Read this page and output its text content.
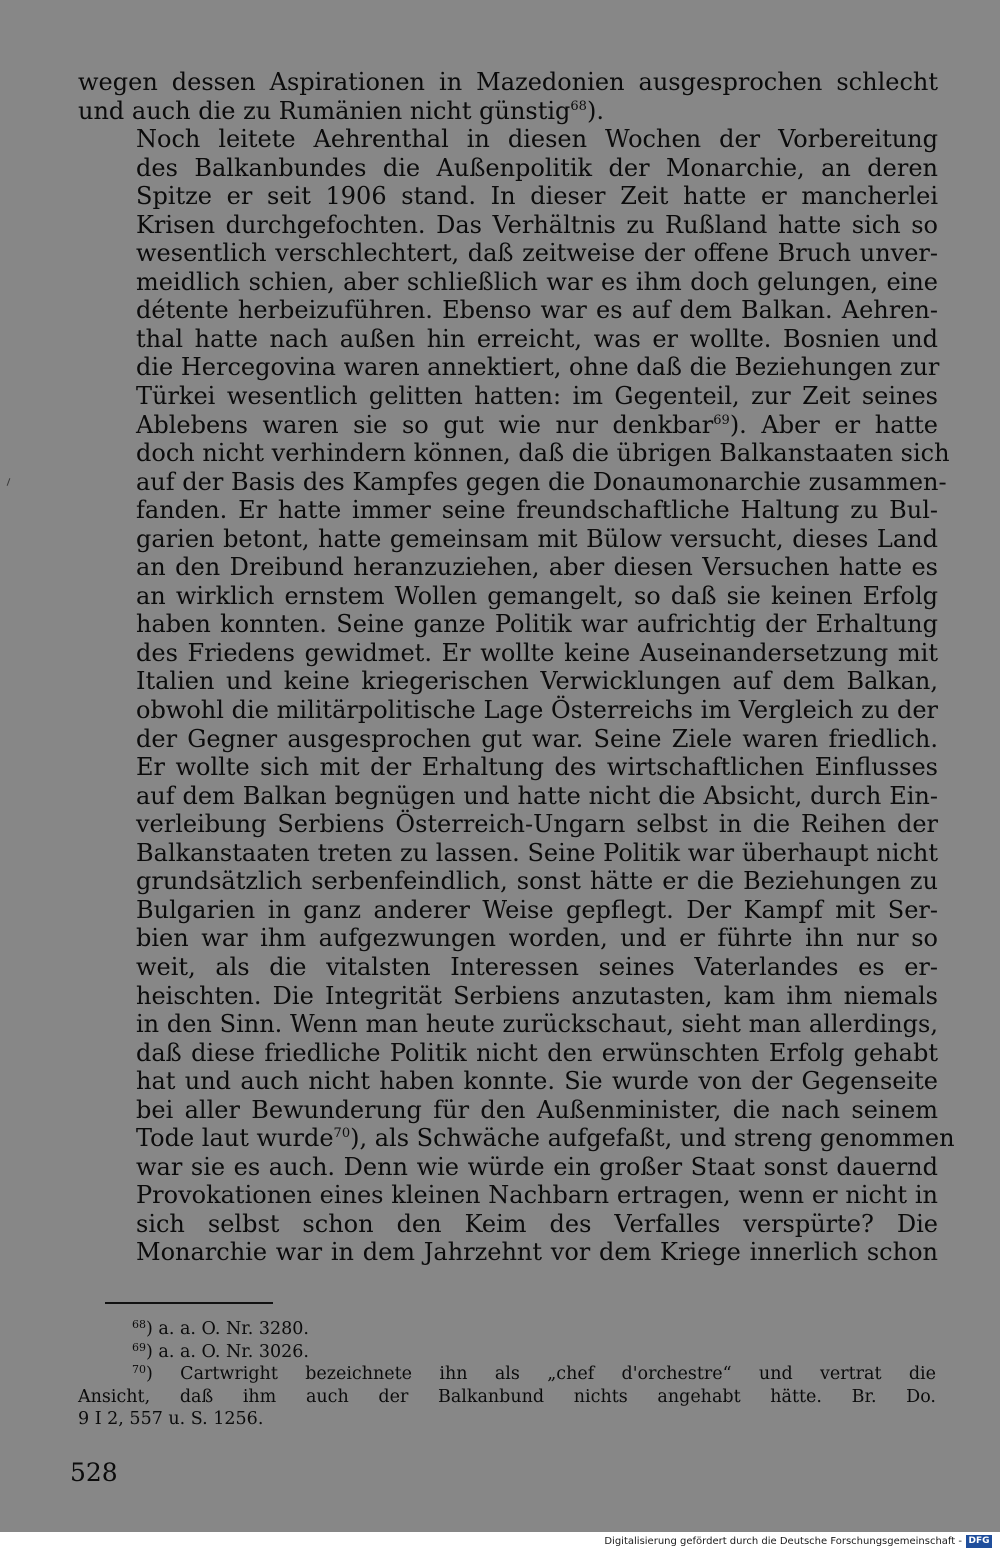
wegen dessen Aspirationen in Mazedonien ausgesprochen schlecht
und auch die zu Rumänien nicht günstig$^{68}$).

Noch leitete Aehrenthal in diesen Wochen der Vorbereitung
des Balkanbundes die Außenpolitik der Monarchie, an deren
Spitze er seit 1906 stand. In dieser Zeit hatte er mancherlei
Krisen durchgefochten. Das Verhältnis zu Rußland hatte sich so
wesentlich verschlechtert, daß zeitweise der offene Bruch unver-
meidlich schien, aber schließlich war es ihm doch gelungen, eine
détente herbeizuführen. Ebenso war es auf dem Balkan. Aehren-
thal hatte nach außen hin erreicht, was er wollte. Bosnien und
die Hercegovina waren annektiert, ohne daß die Beziehungen zur
Türkei wesentlich gelitten hatten: im Gegenteil, zur Zeit seines
Ablebens waren sie so gut wie nur denkbar$^{69}$). Aber er hatte
doch nicht verhindern können, daß die übrigen Balkanstaaten sich
auf der Basis des Kampfes gegen die Donaumonarchie zusammen-
fanden. Er hatte immer seine freundschaftliche Haltung zu Bul-
garien betont, hatte gemeinsam mit Bülow versucht, dieses Land
an den Dreibund heranzuziehen, aber diesen Versuchen hatte es
an wirklich ernstem Wollen gemangelt, so daß sie keinen Erfolg
haben konnten. Seine ganze Politik war aufrichtig der Erhaltung
des Friedens gewidmet. Er wollte keine Auseinandersetzung mit
Italien und keine kriegerischen Verwicklungen auf dem Balkan,
obwohl die militärpolitische Lage Österreichs im Vergleich zu der
der Gegner ausgesprochen gut war. Seine Ziele waren friedlich.
Er wollte sich mit der Erhaltung des wirtschaftlichen Einflusses
auf dem Balkan begnügen und hatte nicht die Absicht, durch Ein-
verleibung Serbiens Österreich-Ungarn selbst in die Reihen der
Balkanstaaten treten zu lassen. Seine Politik war überhaupt nicht
grundsätzlich serbenfeindlich, sonst hätte er die Beziehungen zu
Bulgarien in ganz anderer Weise gepflegt. Der Kampf mit Ser-
bien war ihm aufgezwungen worden, und er führte ihn nur so
weit, als die vitalsten Interessen seines Vaterlandes es er-
heischten. Die Integrität Serbiens anzutasten, kam ihm niemals
in den Sinn. Wenn man heute zurückschaut, sieht man allerdings,
daß diese friedliche Politik nicht den erwünschten Erfolg gehabt
hat und auch nicht haben konnte. Sie wurde von der Gegenseite
bei aller Bewunderung für den Außenminister, die nach seinem
Tode laut wurde$^{70}$), als Schwäche aufgefaßt, und streng genommen
war sie es auch. Denn wie würde ein großer Staat sonst dauernd
Provokationen eines kleinen Nachbarn ertragen, wenn er nicht in
sich selbst schon den Keim des Verfalles verspürte? Die
Monarchie war in dem Jahrzehnt vor dem Kriege innerlich schon

$^{68}$) a. a. O. Nr. 3280.
$^{69}$) a. a. O. Nr. 3026.
$^{70}$) Cartwright bezeichnete ihn als „chef d'orchestre“ und vertrat die
Ansicht, daß ihm auch der Balkanbund nichts angehabt hätte. Br. Do.
9 I 2, 557 u. S. 1256.
528
Digitalisierung gefördert durch die Deutsche Forschungsgemeinschaft - DFG
